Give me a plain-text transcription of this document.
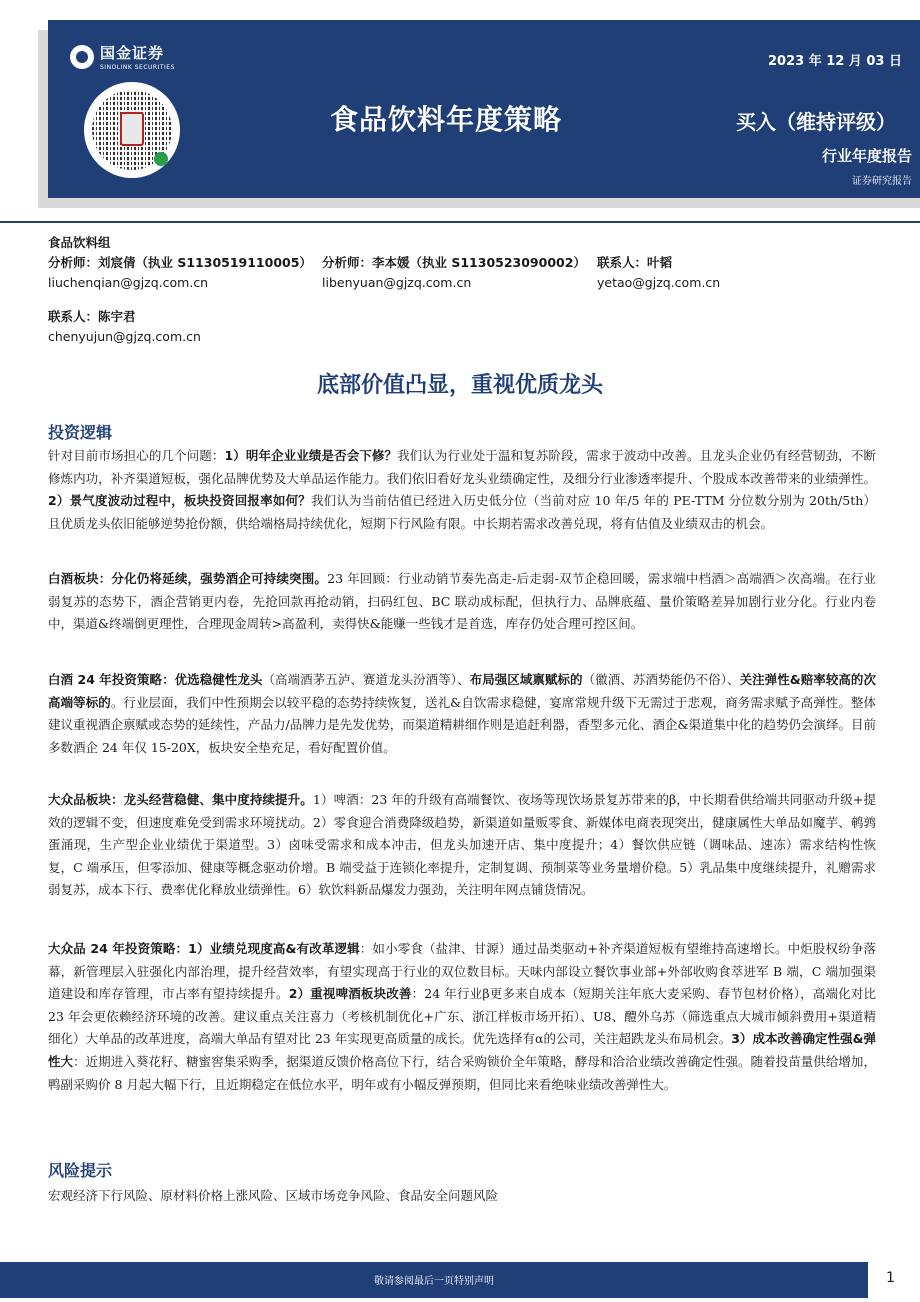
国金证券
SINOLINK SECURITIES	2023 年 12 月 03 日
食品饮料年度策略	买入（维持评级）
行业年度报告
证券研究报告
食品饮料组
分析师：刘宸倩（执业 S1130519110005） 分析师：李本媛（执业 S1130523090002） 联系人：叶韬
liuchenqian@gjzq.com.cn	libenyuan@gjzq.com.cn	yetao@gjzq.com.cn
联系人：陈宇君
chenyujun@gjzq.com.cn
底部价值凸显，重视优质龙头
投资逻辑
针对目前市场担心的几个问题：1）明年企业业绩是否会下修？我们认为行业处于温和复苏阶段，需求于波动中改善。且龙头企业仍有经营韧劲，不断修炼内功，补齐渠道短板，强化品牌优势及大单品运作能力。我们依旧看好龙头业绩确定性，及细分行业渗透率提升、个股成本改善带来的业绩弹性。2）景气度波动过程中，板块投资回报率如何？我们认为当前估值已经进入历史低分位（当前对应 10 年/5 年的 PE-TTM 分位数分别为 20th/5th）且优质龙头依旧能够逆势抢份额，供给端格局持续优化，短期下行风险有限。中长期若需求改善兑现，将有估值及业绩双击的机会。
白酒板块：分化仍将延续，强势酒企可持续突围。23 年回顾：行业动销节奏先高走-后走弱-双节企稳回暖，需求端中档酒＞高端酒＞次高端。在行业弱复苏的态势下，酒企营销更内卷，先抢回款再抢动销，扫码红包、BC 联动成标配，但执行力、品牌底蕴、量价策略差异加剧行业分化。行业内卷中，渠道&终端倒更理性，合理现金周转>高盈利，卖得快&能赚一些钱才是首选，库存仍处合理可控区间。
白酒 24 年投资策略：优选稳健性龙头（高端酒茅五泸、赛道龙头汾酒等）、布局强区域禀赋标的（徽酒、苏酒势能仍不俗）、关注弹性&赔率较高的次高端等标的。行业层面，我们中性预期会以较平稳的态势持续恢复，送礼&自饮需求稳健，宴席常规升级下无需过于悲观，商务需求赋予高弹性。整体建议重视酒企禀赋或态势的延续性，产品力/品牌力是先发优势，而渠道精耕细作则是追赶利器，香型多元化、酒企&渠道集中化的趋势仍会演绎。目前多数酒企 24 年仅 15-20X，板块安全垫充足，看好配置价值。
大众品板块：龙头经营稳健、集中度持续提升。1）啤酒：23 年的升级有高端餐饮、夜场等现饮场景复苏带来的β，中长期看供给端共同驱动升级+提效的逻辑不变，但速度难免受到需求环境扰动。2）零食迎合消费降级趋势，新渠道如量贩零食、新媒体电商表现突出，健康属性大单品如魔芋、鹌鹑蛋涌现，生产型企业业绩优于渠道型。3）卤味受需求和成本冲击，但龙头加速开店、集中度提升；4）餐饮供应链（调味品、速冻）需求结构性恢复，C 端承压，但零添加、健康等概念驱动价增。B 端受益于连锁化率提升，定制复调、预制菜等业务量增价稳。5）乳品集中度继续提升，礼赠需求弱复苏，成本下行、费率优化释放业绩弹性。6）软饮料新品爆发力强劲，关注明年网点铺货情况。
大众品 24 年投资策略：1）业绩兑现度高&有改革逻辑：如小零食（盐津、甘源）通过品类驱动+补齐渠道短板有望维持高速增长。中炬股权纷争落幕，新管理层入驻强化内部治理，提升经营效率，有望实现高于行业的双位数目标。天味内部设立餐饮事业部+外部收购食萃进军 B 端，C 端加强渠道建设和库存管理，市占率有望持续提升。2）重视啤酒板块改善：24 年行业β更多来自成本（短期关注年底大麦采购、春节包材价格），高端化对比 23 年会更依赖经济环境的改善。建议重点关注喜力（考核机制优化+广东、浙江样板市场开拓）、U8、醴外乌苏（筛选重点大城市倾斜费用+渠道精细化）大单品的改革进度，高端大单品有望对比 23 年实现更高质量的成长。优先选择有α的公司，关注超跌龙头布局机会。3）成本改善确定性强&弹性大：近期进入葵花籽、糖蜜窖集采购季，据渠道反馈价格高位下行，结合采购锁价全年策略，酵母和洽洽业绩改善确定性强。随着投苗量供给增加，鸭副采购价 8 月起大幅下行，且近期稳定在低位水平，明年或有小幅反弹预期，但同比来看绝味业绩改善弹性大。
风险提示
宏观经济下行风险、原材料价格上涨风险、区域市场竞争风险、食品安全问题风险
敬请参阅最后一页特别声明	1
